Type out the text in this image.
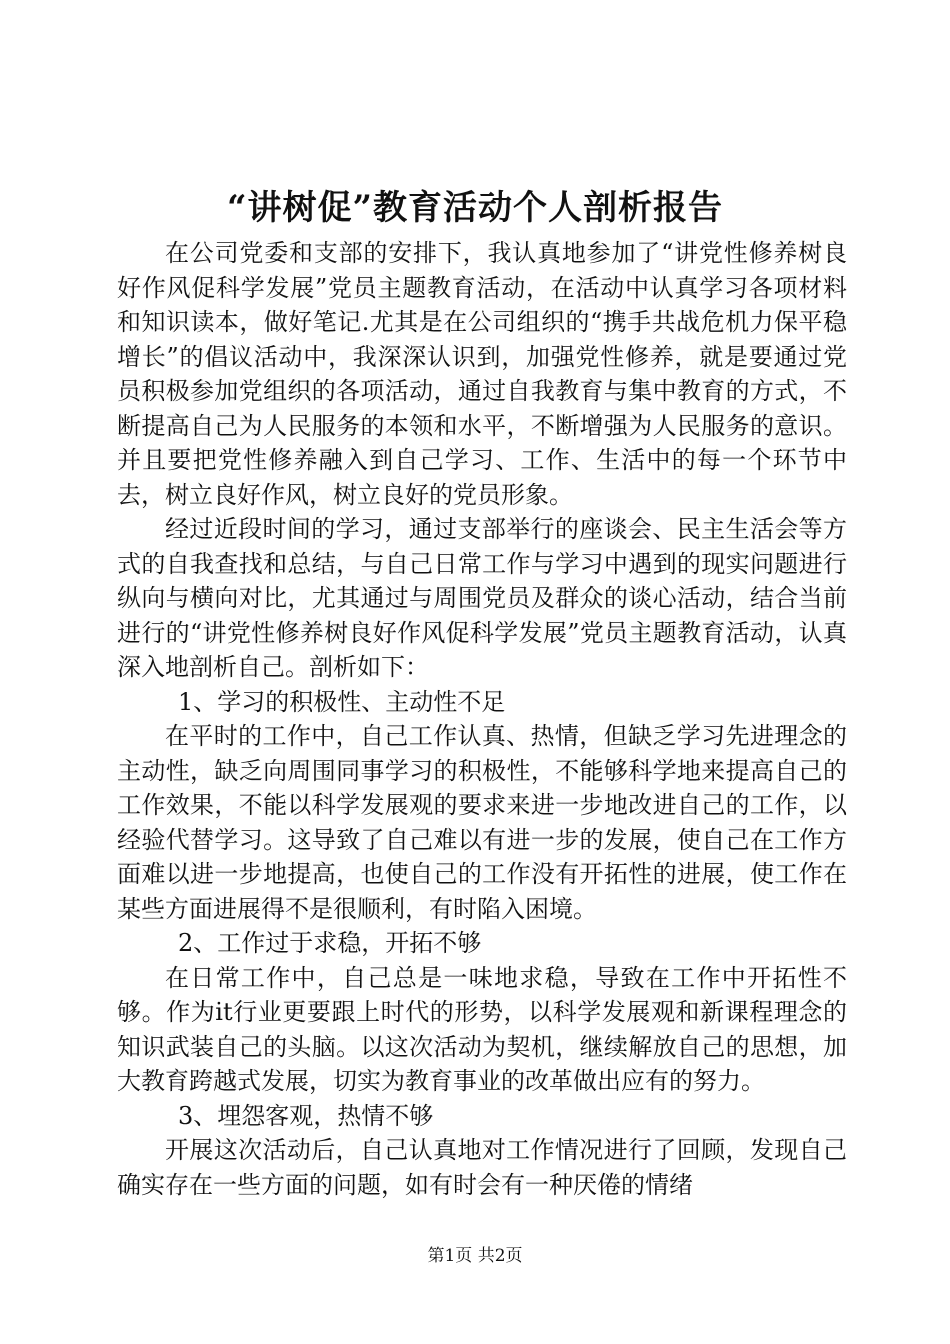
“讲树促”教育活动个人剖析报告

在公司党委和支部的安排下，我认真地参加了“讲党性修养树良好作风促科学发展”党员主题教育活动，在活动中认真学习各项材料和知识读本，做好笔记.尤其是在公司组织的“携手共战危机力保平稳增长”的倡议活动中，我深深认识到，加强党性修养，就是要通过党员积极参加党组织的各项活动，通过自我教育与集中教育的方式，不断提高自己为人民服务的本领和水平，不断增强为人民服务的意识。并且要把党性修养融入到自己学习、工作、生活中的每一个环节中去，树立良好作风，树立良好的党员形象。

经过近段时间的学习，通过支部举行的座谈会、民主生活会等方式的自我查找和总结，与自己日常工作与学习中遇到的现实问题进行纵向与横向对比，尤其通过与周围党员及群众的谈心活动，结合当前进行的“讲党性修养树良好作风促科学发展”党员主题教育活动，认真深入地剖析自己。剖析如下：

1、学习的积极性、主动性不足

在平时的工作中，自己工作认真、热情，但缺乏学习先进理念的主动性，缺乏向周围同事学习的积极性，不能够科学地来提高自己的工作效果，不能以科学发展观的要求来进一步地改进自己的工作，以经验代替学习。这导致了自己难以有进一步的发展，使自己在工作方面难以进一步地提高，也使自己的工作没有开拓性的进展，使工作在某些方面进展得不是很顺利，有时陷入困境。

2、工作过于求稳，开拓不够

在日常工作中，自己总是一味地求稳，导致在工作中开拓性不够。作为it行业更要跟上时代的形势，以科学发展观和新课程理念的知识武装自己的头脑。以这次活动为契机，继续解放自己的思想，加大教育跨越式发展，切实为教育事业的改革做出应有的努力。

3、埋怨客观，热情不够

开展这次活动后，自己认真地对工作情况进行了回顾，发现自己确实存在一些方面的问题，如有时会有一种厌倦的情绪

第1页 共2页
